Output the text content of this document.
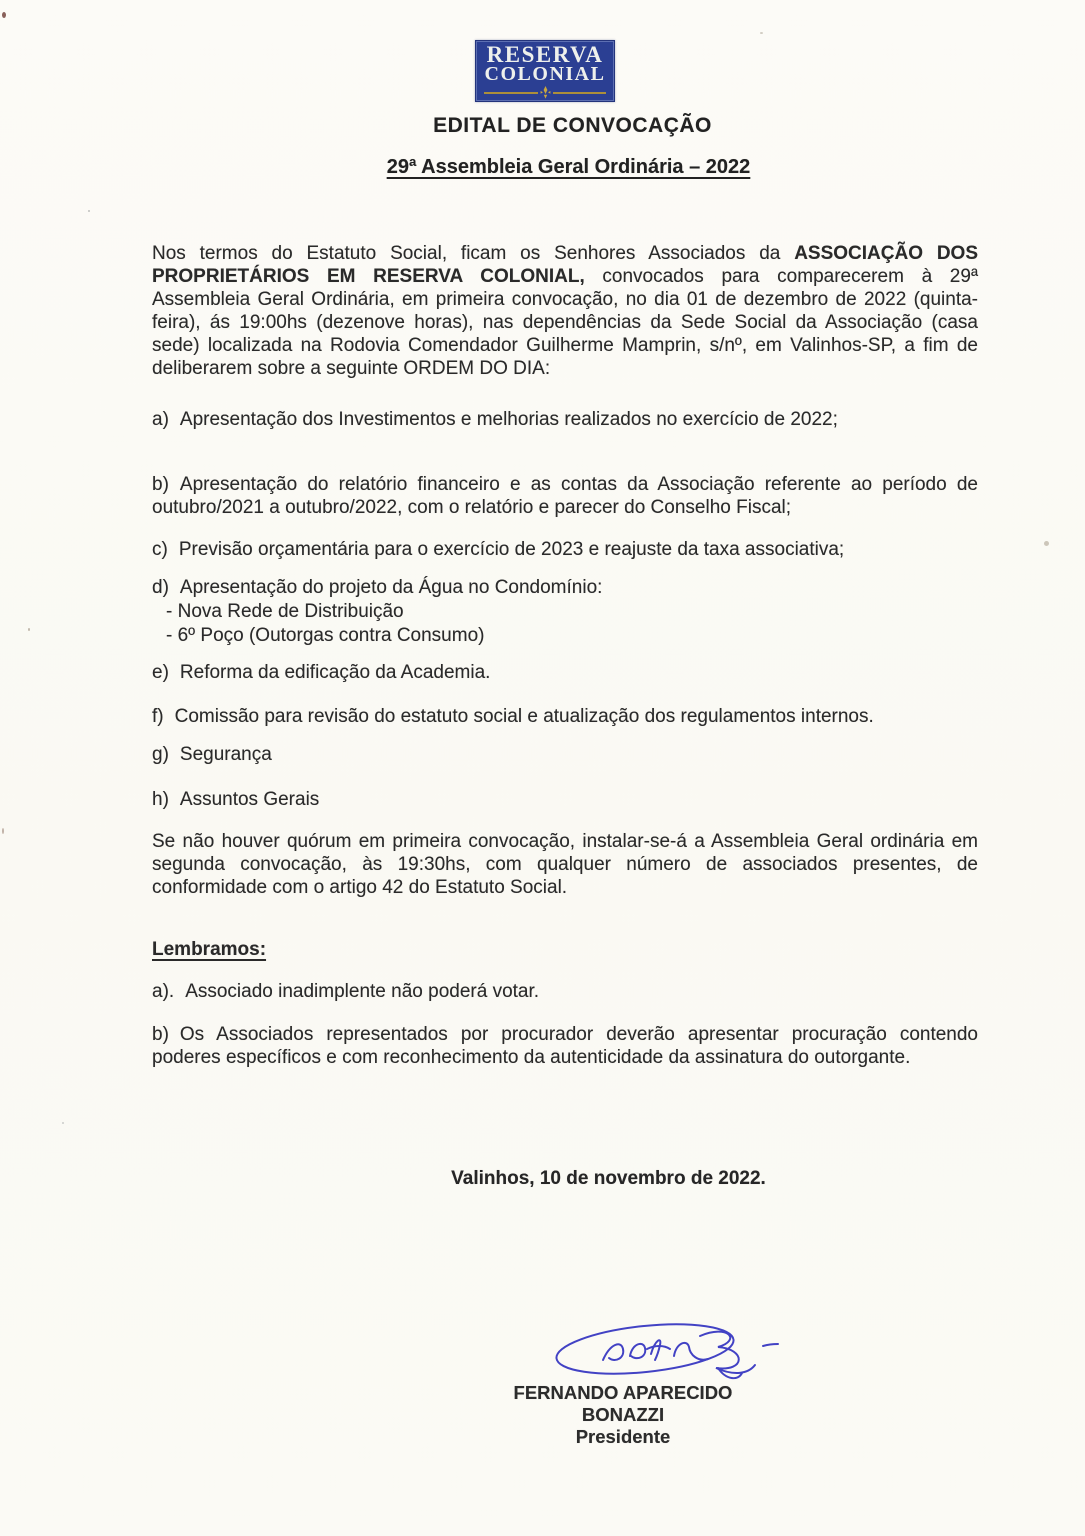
RESERVA
COLONIAL
EDITAL DE CONVOCAÇÃO
29ª Assembleia Geral Ordinária – 2022

Nos termos do Estatuto Social, ficam os Senhores Associados da ASSOCIAÇÃO DOS PROPRIETÁRIOS EM RESERVA COLONIAL, convocados para comparecerem à 29ª Assembleia Geral Ordinária, em primeira convocação, no dia 01 de dezembro de 2022 (quinta-feira), ás 19:00hs (dezenove horas), nas dependências da Sede Social da Associação (casa sede) localizada na Rodovia Comendador Guilherme Mamprin, s/nº, em Valinhos-SP, a fim de deliberarem sobre a seguinte ORDEM DO DIA:

a) Apresentação dos Investimentos e melhorias realizados no exercício de 2022;

b) Apresentação do relatório financeiro e as contas da Associação referente ao período de outubro/2021 a outubro/2022, com o relatório e parecer do Conselho Fiscal;

c) Previsão orçamentária para o exercício de 2023 e reajuste da taxa associativa;

d) Apresentação do projeto da Água no Condomínio:

- Nova Rede de Distribuição

- 6º Poço (Outorgas contra Consumo)

e) Reforma da edificação da Academia.

f) Comissão para revisão do estatuto social e atualização dos regulamentos internos.

g) Segurança

h) Assuntos Gerais

Se não houver quórum em primeira convocação, instalar-se-á a Assembleia Geral ordinária em segunda convocação, às 19:30hs, com qualquer número de associados presentes, de conformidade com o artigo 42 do Estatuto Social.

Lembramos:

a). Associado inadimplente não poderá votar.

b) Os Associados representados por procurador deverão apresentar procuração contendo poderes específicos e com reconhecimento da autenticidade da assinatura do outorgante.

Valinhos, 10 de novembro de 2022.

FERNANDO APARECIDO BONAZZI

Presidente
